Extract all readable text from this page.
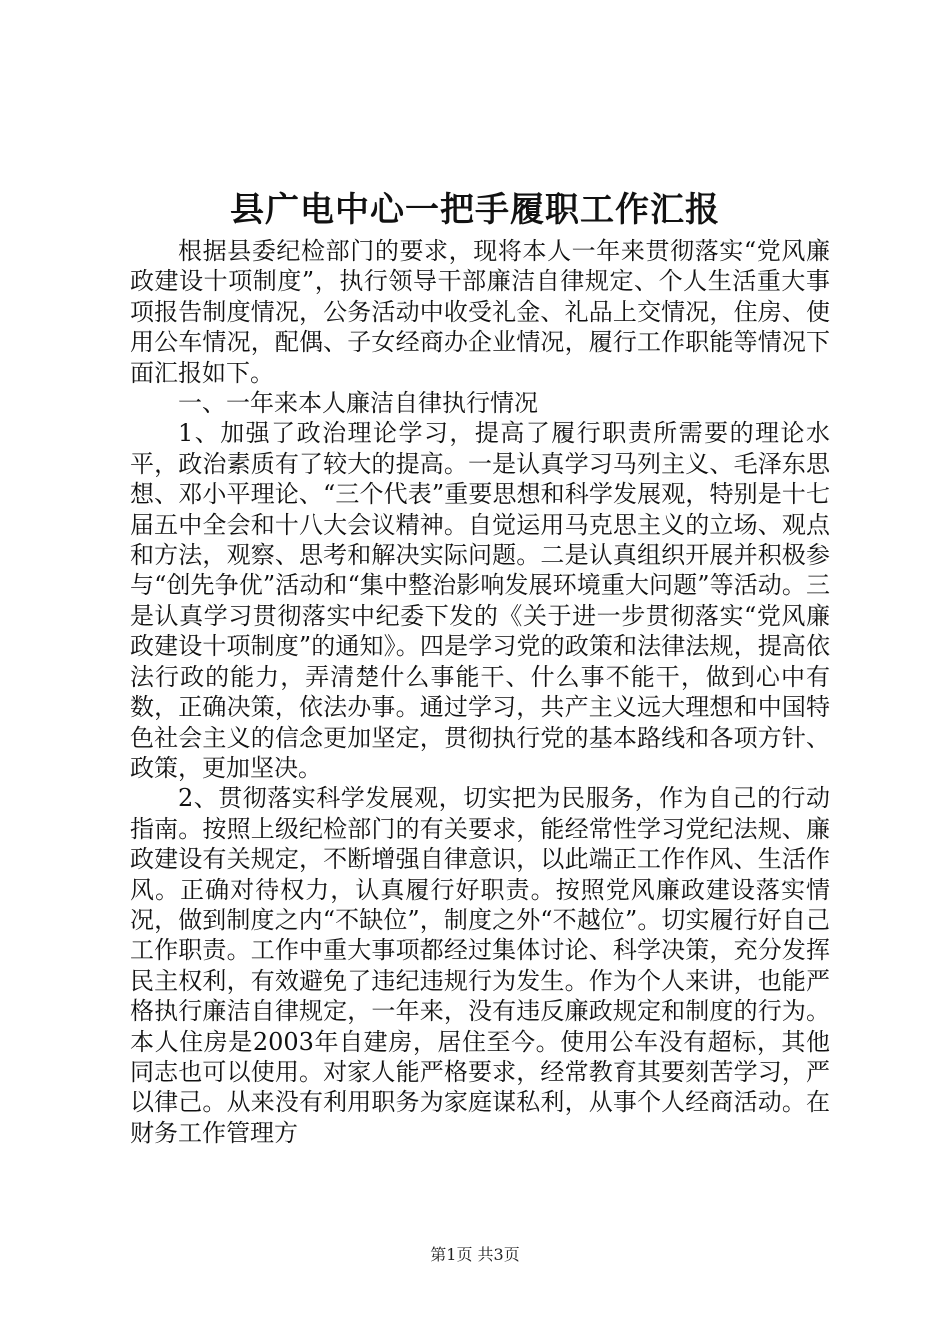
县广电中心一把手履职工作汇报

根据县委纪检部门的要求，现将本人一年来贯彻落实“党风廉政建设十项制度”，执行领导干部廉洁自律规定、个人生活重大事项报告制度情况，公务活动中收受礼金、礼品上交情况，住房、使用公车情况，配偶、子女经商办企业情况，履行工作职能等情况下面汇报如下。

一、一年来本人廉洁自律执行情况

1、加强了政治理论学习，提高了履行职责所需要的理论水平，政治素质有了较大的提高。一是认真学习马列主义、毛泽东思想、邓小平理论、“三个代表”重要思想和科学发展观，特别是十七届五中全会和十八大会议精神。自觉运用马克思主义的立场、观点和方法，观察、思考和解决实际问题。二是认真组织开展并积极参与“创先争优”活动和“集中整治影响发展环境重大问题”等活动。三是认真学习贯彻落实中纪委下发的《关于进一步贯彻落实“党风廉政建设十项制度”的通知》。四是学习党的政策和法律法规，提高依法行政的能力，弄清楚什么事能干、什么事不能干，做到心中有数，正确决策，依法办事。通过学习，共产主义远大理想和中国特色社会主义的信念更加坚定，贯彻执行党的基本路线和各项方针、政策，更加坚决。

2、贯彻落实科学发展观，切实把为民服务，作为自己的行动指南。按照上级纪检部门的有关要求，能经常性学习党纪法规、廉政建设有关规定，不断增强自律意识，以此端正工作作风、生活作风。正确对待权力，认真履行好职责。按照党风廉政建设落实情况，做到制度之内“不缺位”，制度之外“不越位”。切实履行好自己工作职责。工作中重大事项都经过集体讨论、科学决策，充分发挥民主权利，有效避免了违纪违规行为发生。作为个人来讲，也能严格执行廉洁自律规定，一年来，没有违反廉政规定和制度的行为。本人住房是2003年自建房，居住至今。使用公车没有超标，其他同志也可以使用。对家人能严格要求，经常教育其要刻苦学习，严以律己。从来没有利用职务为家庭谋私利，从事个人经商活动。在财务工作管理方

第1页 共3页
